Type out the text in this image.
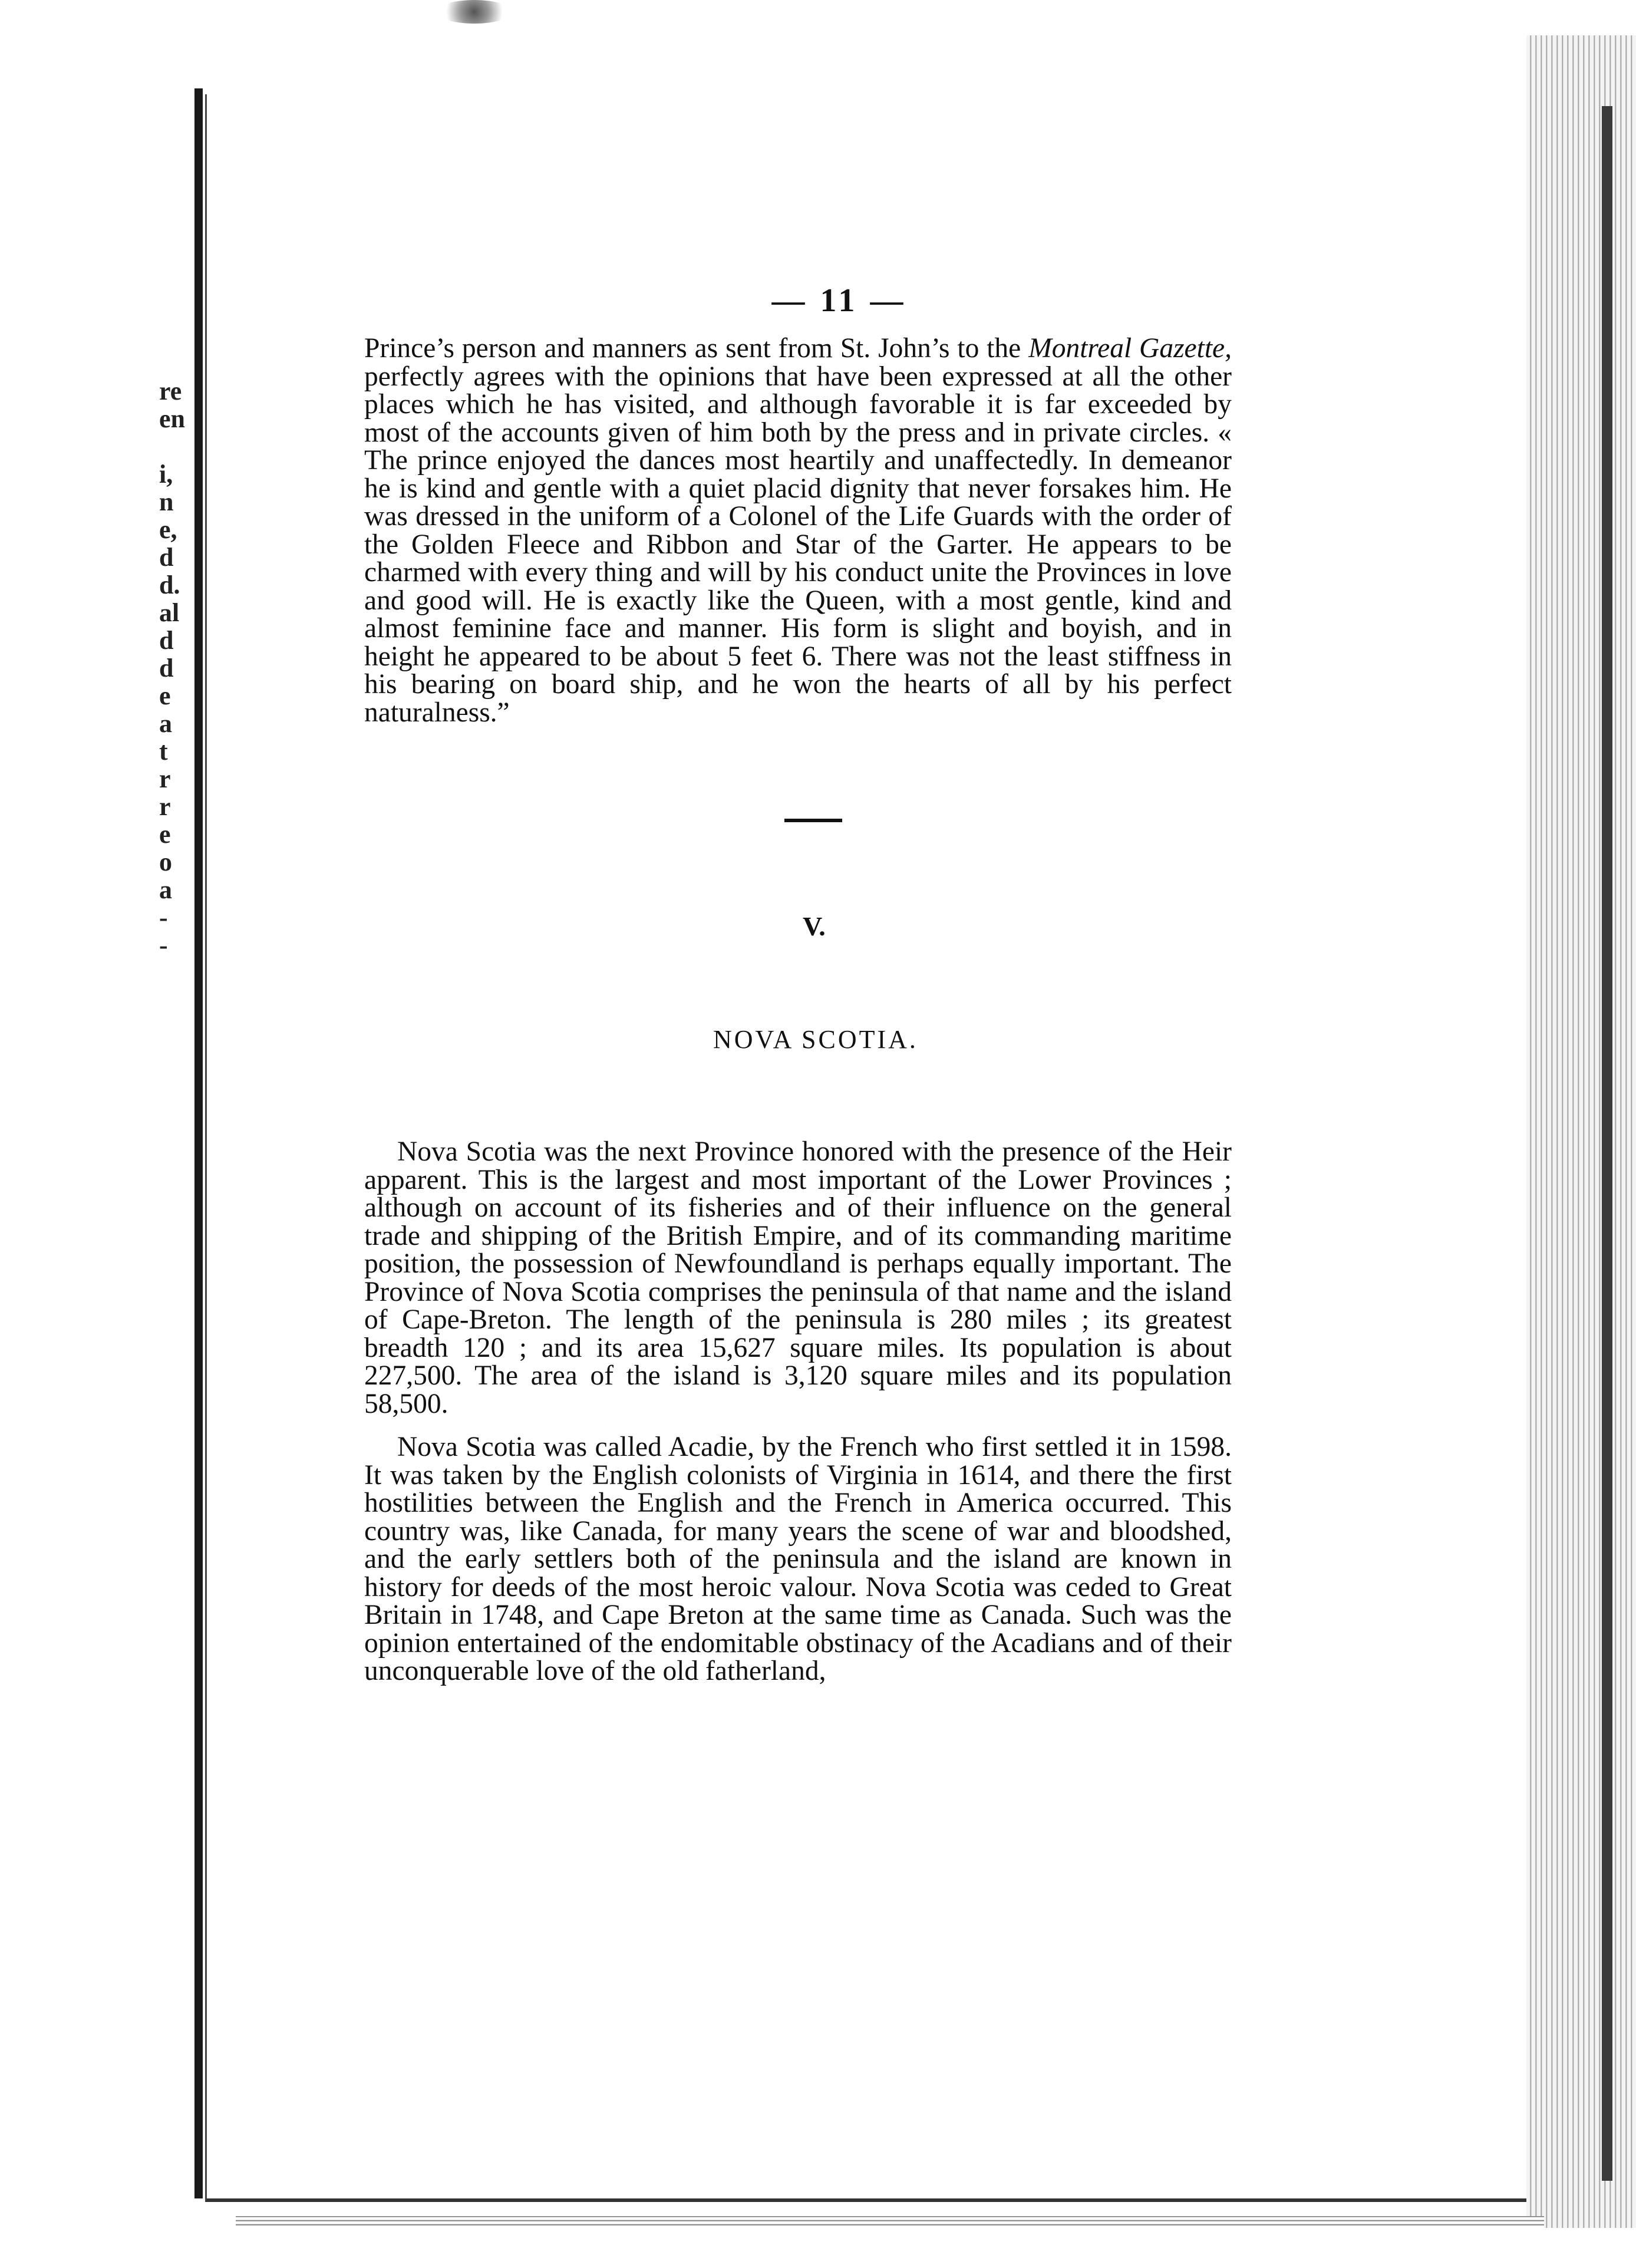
re
en
i,
n
e,
d
d.
al
d
d
e
a
t
r
r
e
o
a
-
-
— 11 —

Prince’s person and manners as sent from St. John’s to the Montreal Gazette, perfectly agrees with the opinions that have been expressed at all the other places which he has visited, and although favorable it is far exceeded by most of the accounts given of him both by the press and in private circles. « The prince enjoyed the dances most heartily and unaffectedly. In demeanor he is kind and gentle with a quiet placid dignity that never forsakes him. He was dressed in the uniform of a Colonel of the Life Guards with the order of the Golden Fleece and Ribbon and Star of the Garter. He appears to be charmed with every thing and will by his conduct unite the Provinces in love and good will. He is exactly like the Queen, with a most gentle, kind and almost feminine face and manner. His form is slight and boyish, and in height he appeared to be about 5 feet 6. There was not the least stiffness in his bearing on board ship, and he won the hearts of all by his perfect naturalness.”

V.
NOVA SCOTIA.

Nova Scotia was the next Province honored with the presence of the Heir apparent. This is the largest and most important of the Lower Provinces ; although on account of its fisheries and of their influence on the general trade and shipping of the British Empire, and of its commanding maritime position, the possession of Newfoundland is perhaps equally important. The Province of Nova Scotia comprises the peninsula of that name and the island of Cape-Breton. The length of the peninsula is 280 miles ; its greatest breadth 120 ; and its area 15,627 square miles. Its population is about 227,500. The area of the island is 3,120 square miles and its population 58,500.

Nova Scotia was called Acadie, by the French who first settled it in 1598. It was taken by the English colonists of Virginia in 1614, and there the first hostilities between the English and the French in America occurred. This country was, like Canada, for many years the scene of war and bloodshed, and the early settlers both of the peninsula and the island are known in history for deeds of the most heroic valour. Nova Scotia was ceded to Great Britain in 1748, and Cape Breton at the same time as Canada. Such was the opinion entertained of the endomitable obstinacy of the Acadians and of their unconquerable love of the old fatherland,
